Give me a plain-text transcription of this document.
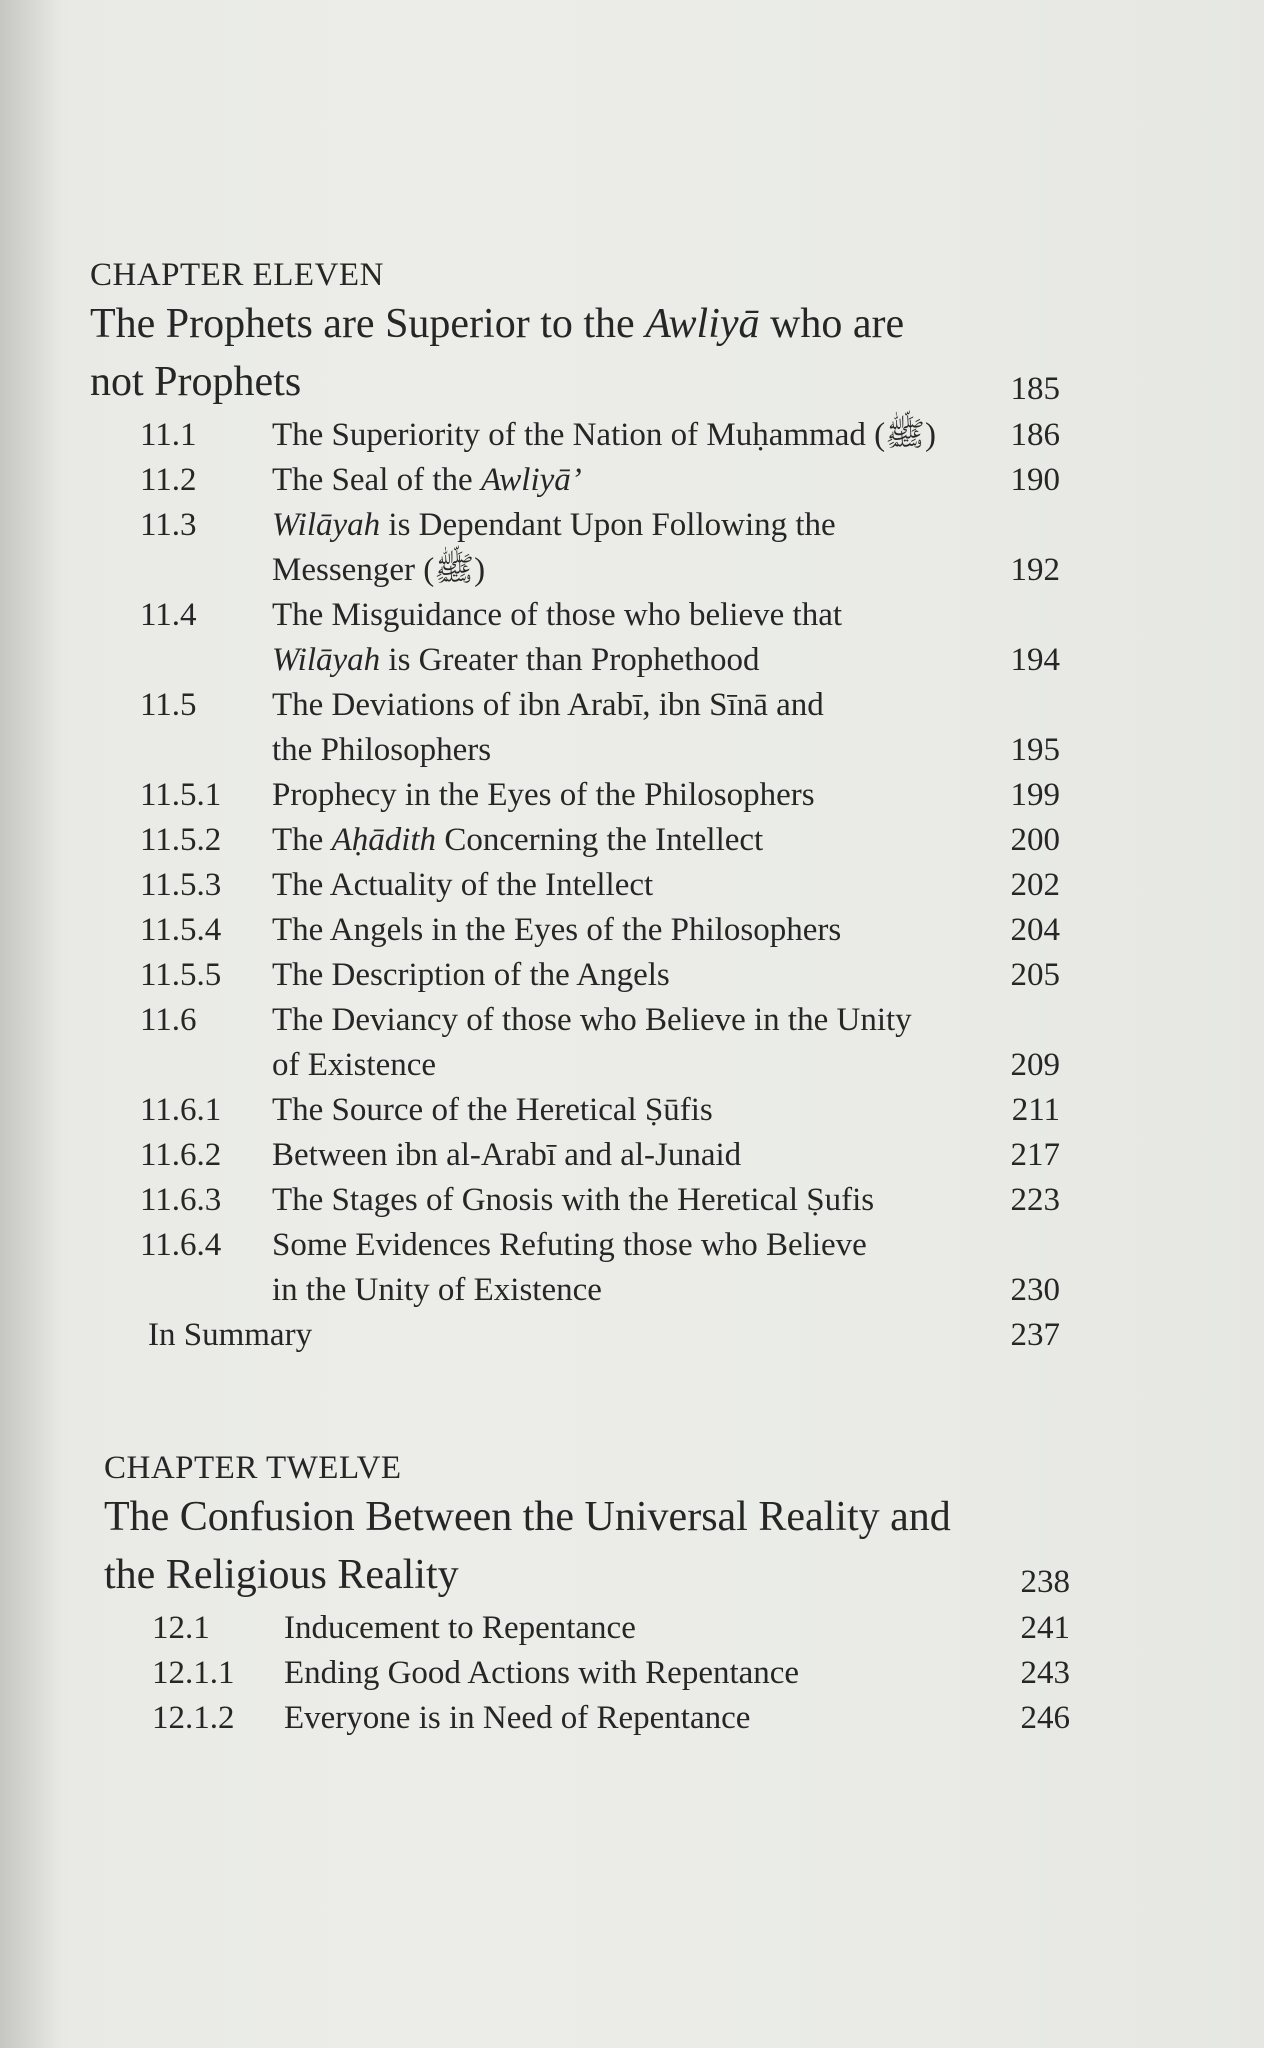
CHAPTER ELEVEN
The Prophets are Superior to the Awliyā who are
not Prophets	185
11.1 The Superiority of the Nation of Muḥammad (ﷺ)	186
11.2 The Seal of the Awliyā’	190
11.3 Wilāyah is Dependant Upon Following the
Messenger (ﷺ)	192
11.4 The Misguidance of those who believe that
Wilāyah is Greater than Prophethood	194
11.5 The Deviations of ibn Arabī, ibn Sīnā and
the Philosophers	195
11.5.1 Prophecy in the Eyes of the Philosophers	199
11.5.2 The Aḥādith Concerning the Intellect	200
11.5.3 The Actuality of the Intellect	202
11.5.4 The Angels in the Eyes of the Philosophers	204
11.5.5 The Description of the Angels	205
11.6 The Deviancy of those who Believe in the Unity
of Existence	209
11.6.1 The Source of the Heretical Ṣūfis	211
11.6.2 Between ibn al-Arabī and al-Junaid	217
11.6.3 The Stages of Gnosis with the Heretical Ṣufis	223
11.6.4 Some Evidences Refuting those who Believe
in the Unity of Existence	230
In Summary	237
CHAPTER TWELVE
The Confusion Between the Universal Reality and
the Religious Reality	238
12.1 Inducement to Repentance	241
12.1.1 Ending Good Actions with Repentance	243
12.1.2 Everyone is in Need of Repentance	246
